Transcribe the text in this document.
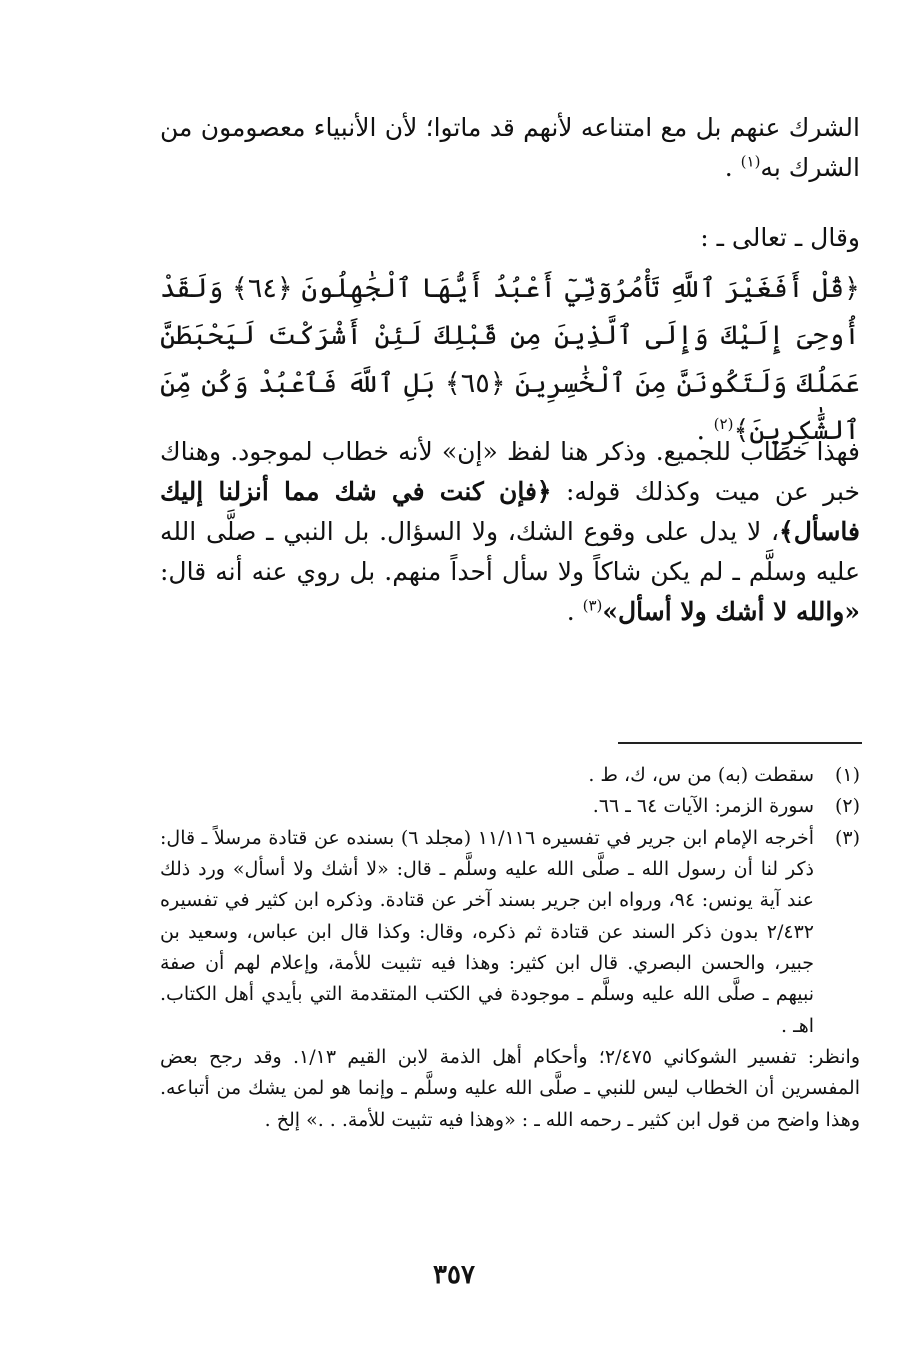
الشرك عنهم بل مع امتناعه لأنهم قد ماتوا؛ لأن الأنبياء معصومون من الشرك به$^{(١)}$ .

وقال ـ تعالى ـ :

﴿قُلْ أَفَغَيْرَ ٱللَّهِ تَأْمُرُوٓنِّيٓ أَعْبُدُ أَيُّهَا ٱلْجَٰهِلُونَ ﴿٦٤﴾ وَلَقَدْ أُوحِىَ إِلَيْكَ وَإِلَى ٱلَّذِينَ مِن قَبْلِكَ لَئِنْ أَشْرَكْتَ لَيَحْبَطَنَّ عَمَلُكَ وَلَتَكُونَنَّ مِنَ ٱلْخَٰسِرِينَ ﴿٦٥﴾ بَلِ ٱللَّهَ فَٱعْبُدْ وَكُن مِّنَ ٱلشَّٰكِرِينَ﴾$^{(٢)}$ .

فهذا خطاب للجميع. وذكر هنا لفظ «إن» لأنه خطاب لموجود. وهناك خبر عن ميت وكذلك قوله: ﴿فإن كنت في شك مما أنزلنا إليك فاسأل﴾، لا يدل على وقوع الشك، ولا السؤال. بل النبي ـ صلَّى الله عليه وسلَّم ـ لم يكن شاكاً ولا سأل أحداً منهم. بل روي عنه أنه قال: «والله لا أشك ولا أسأل»$^{(٣)}$ .

(١)
سقطت (به) من س، ك، ط .
(٢)
سورة الزمر: الآيات ٦٤ ـ ٦٦.
(٣)
أخرجه الإمام ابن جرير في تفسيره ١١/١١٦ (مجلد ٦) بسنده عن قتادة مرسلاً ـ قال: ذكر لنا أن رسول الله ـ صلَّى الله عليه وسلَّم ـ قال: «لا أشك ولا أسأل» ورد ذلك عند آية يونس: ٩٤، ورواه ابن جرير بسند آخر عن قتادة. وذكره ابن كثير في تفسيره ٢/٤٣٢ بدون ذكر السند عن قتادة ثم ذكره، وقال: وكذا قال ابن عباس، وسعيد بن جبير، والحسن البصري. قال ابن كثير: وهذا فيه تثبيت للأمة، وإعلام لهم أن صفة نبيهم ـ صلَّى الله عليه وسلَّم ـ موجودة في الكتب المتقدمة التي بأيدي أهل الكتاب. اهـ .

وانظر: تفسير الشوكاني ٢/٤٧٥؛ وأحكام أهل الذمة لابن القيم ١/١٣. وقد رجح بعض المفسرين أن الخطاب ليس للنبي ـ صلَّى الله عليه وسلَّم ـ وإنما هو لمن يشك من أتباعه. وهذا واضح من قول ابن كثير ـ رحمه الله ـ : «وهذا فيه تثبيت للأمة. . .» إلخ .

٣٥٧
